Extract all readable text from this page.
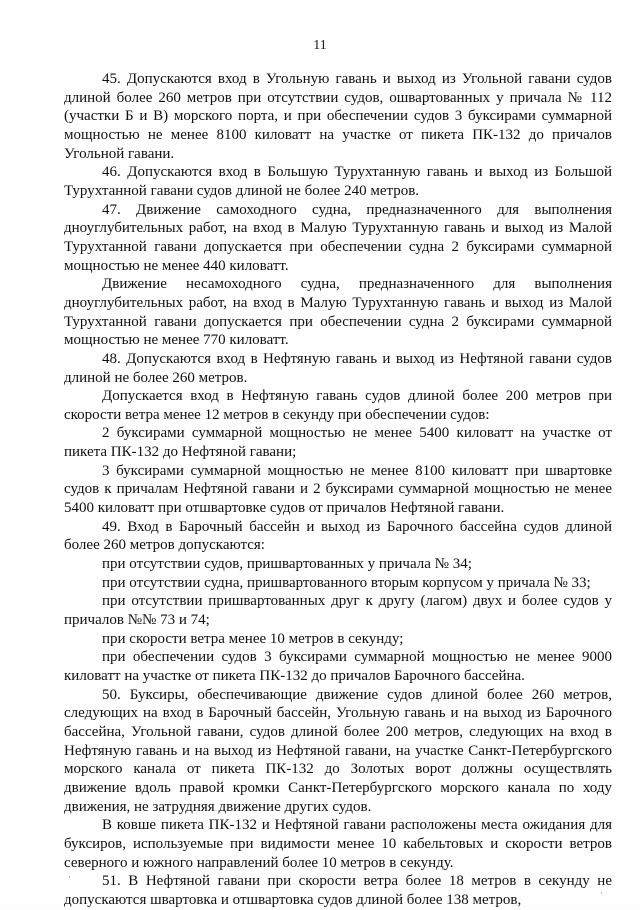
11

45. Допускаются вход в Угольную гавань и выход из Угольной гавани судов длиной более 260 метров при отсутствии судов, ошвартованных у причала № 112 (участки Б и В) морского порта, и при обеспечении судов 3 буксирами суммарной мощностью не менее 8100 киловатт на участке от пикета ПК-132 до причалов Угольной гавани.

46. Допускаются вход в Большую Турухтанную гавань и выход из Большой Турухтанной гавани судов длиной не более 240 метров.

47. Движение самоходного судна, предназначенного для выполнения дноуглубительных работ, на вход в Малую Турухтанную гавань и выход из Малой Турухтанной гавани допускается при обеспечении судна 2 буксирами суммарной мощностью не менее 440 киловатт.

Движение несамоходного судна, предназначенного для выполнения дноуглубительных работ, на вход в Малую Турухтанную гавань и выход из Малой Турухтанной гавани допускается при обеспечении судна 2 буксирами суммарной мощностью не менее 770 киловатт.

48. Допускаются вход в Нефтяную гавань и выход из Нефтяной гавани судов длиной не более 260 метров.

Допускается вход в Нефтяную гавань судов длиной более 200 метров при скорости ветра менее 12 метров в секунду при обеспечении судов:

2 буксирами суммарной мощностью не менее 5400 киловатт на участке от пикета ПК-132 до Нефтяной гавани;

3 буксирами суммарной мощностью не менее 8100 киловатт при швартовке судов к причалам Нефтяной гавани и 2 буксирами суммарной мощностью не менее 5400 киловатт при отшвартовке судов от причалов Нефтяной гавани.

49. Вход в Барочный бассейн и выход из Барочного бассейна судов длиной более 260 метров допускаются:

при отсутствии судов, пришвартованных у причала № 34;

при отсутствии судна, пришвартованного вторым корпусом у причала № 33;

при отсутствии пришвартованных друг к другу (лагом) двух и более судов у причалов №№ 73 и 74;

при скорости ветра менее 10 метров в секунду;

при обеспечении судов 3 буксирами суммарной мощностью не менее 9000 киловатт на участке от пикета ПК-132 до причалов Барочного бассейна.

50. Буксиры, обеспечивающие движение судов длиной более 260 метров, следующих на вход в Барочный бассейн, Угольную гавань и на выход из Барочного бассейна, Угольной гавани, судов длиной более 200 метров, следующих на вход в Нефтяную гавань и на выход из Нефтяной гавани, на участке Санкт-Петербургского морского канала от пикета ПК-132 до Золотых ворот должны осуществлять движение вдоль правой кромки Санкт-Петербургского морского канала по ходу движения, не затрудняя движение других судов.

В ковше пикета ПК-132 и Нефтяной гавани расположены места ожидания для буксиров, используемые при видимости менее 10 кабельтовых и скорости ветров северного и южного направлений более 10 метров в секунду.

51. В Нефтяной гавани при скорости ветра более 18 метров в секунду не допускаются швартовка и отшвартовка судов длиной более 138 метров,

·
·
